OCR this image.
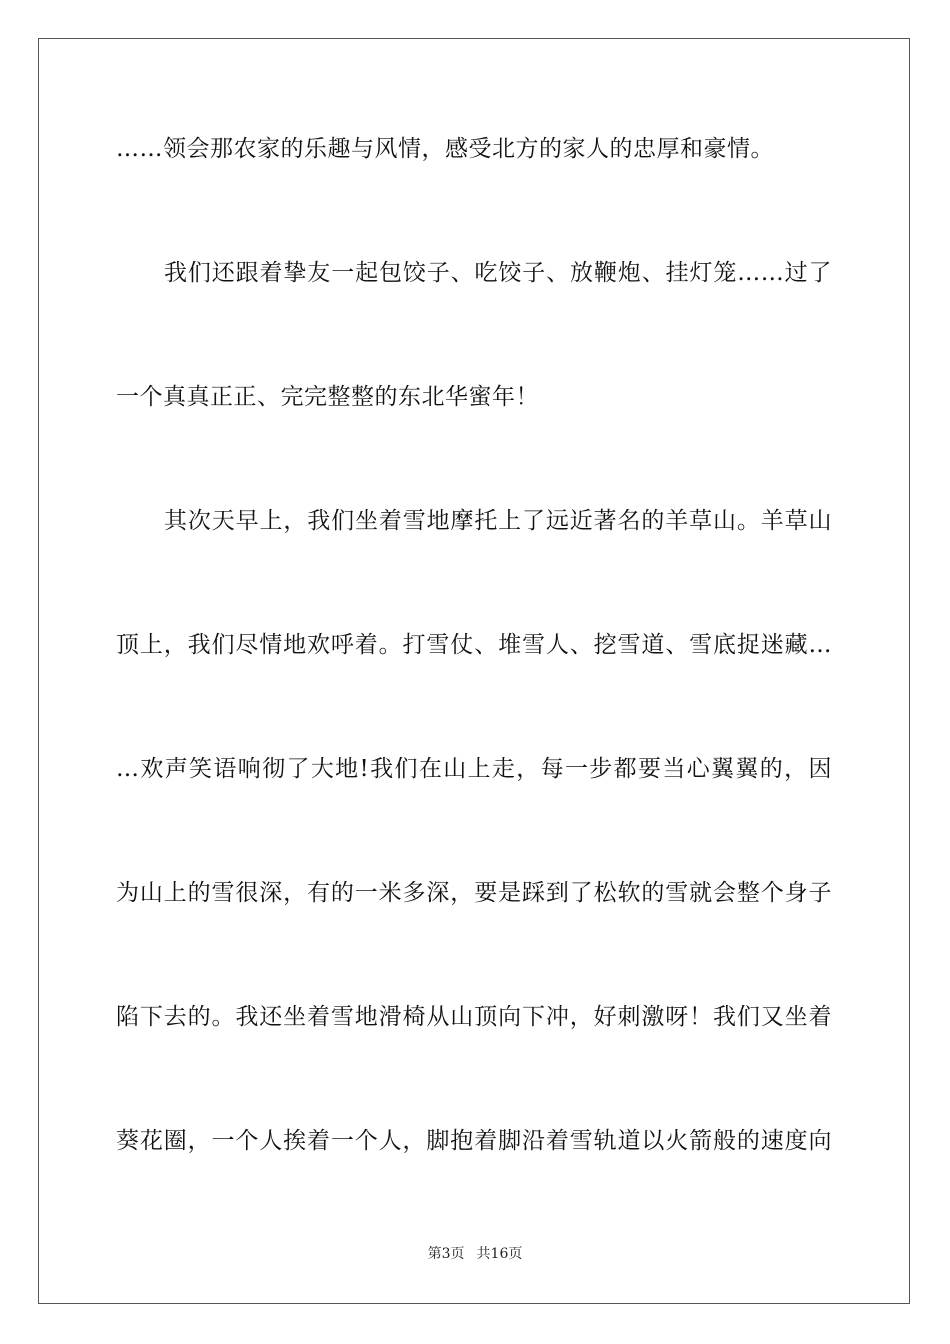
……领会那农家的乐趣与风情，感受北方的家人的忠厚和豪情。
我们还跟着挚友一起包饺子、吃饺子、放鞭炮、挂灯笼……过了
一个真真正正、完完整整的东北华蜜年！
其次天早上，我们坐着雪地摩托上了远近著名的羊草山。羊草山
顶上，我们尽情地欢呼着。打雪仗、堆雪人、挖雪道、雪底捉迷藏…
…欢声笑语响彻了大地!我们在山上走，每一步都要当心翼翼的，因
为山上的雪很深，有的一米多深，要是踩到了松软的雪就会整个身子
陷下去的。我还坐着雪地滑椅从山顶向下冲，好刺激呀！我们又坐着
葵花圈，一个人挨着一个人，脚抱着脚沿着雪轨道以火箭般的速度向
第3页 共16页
